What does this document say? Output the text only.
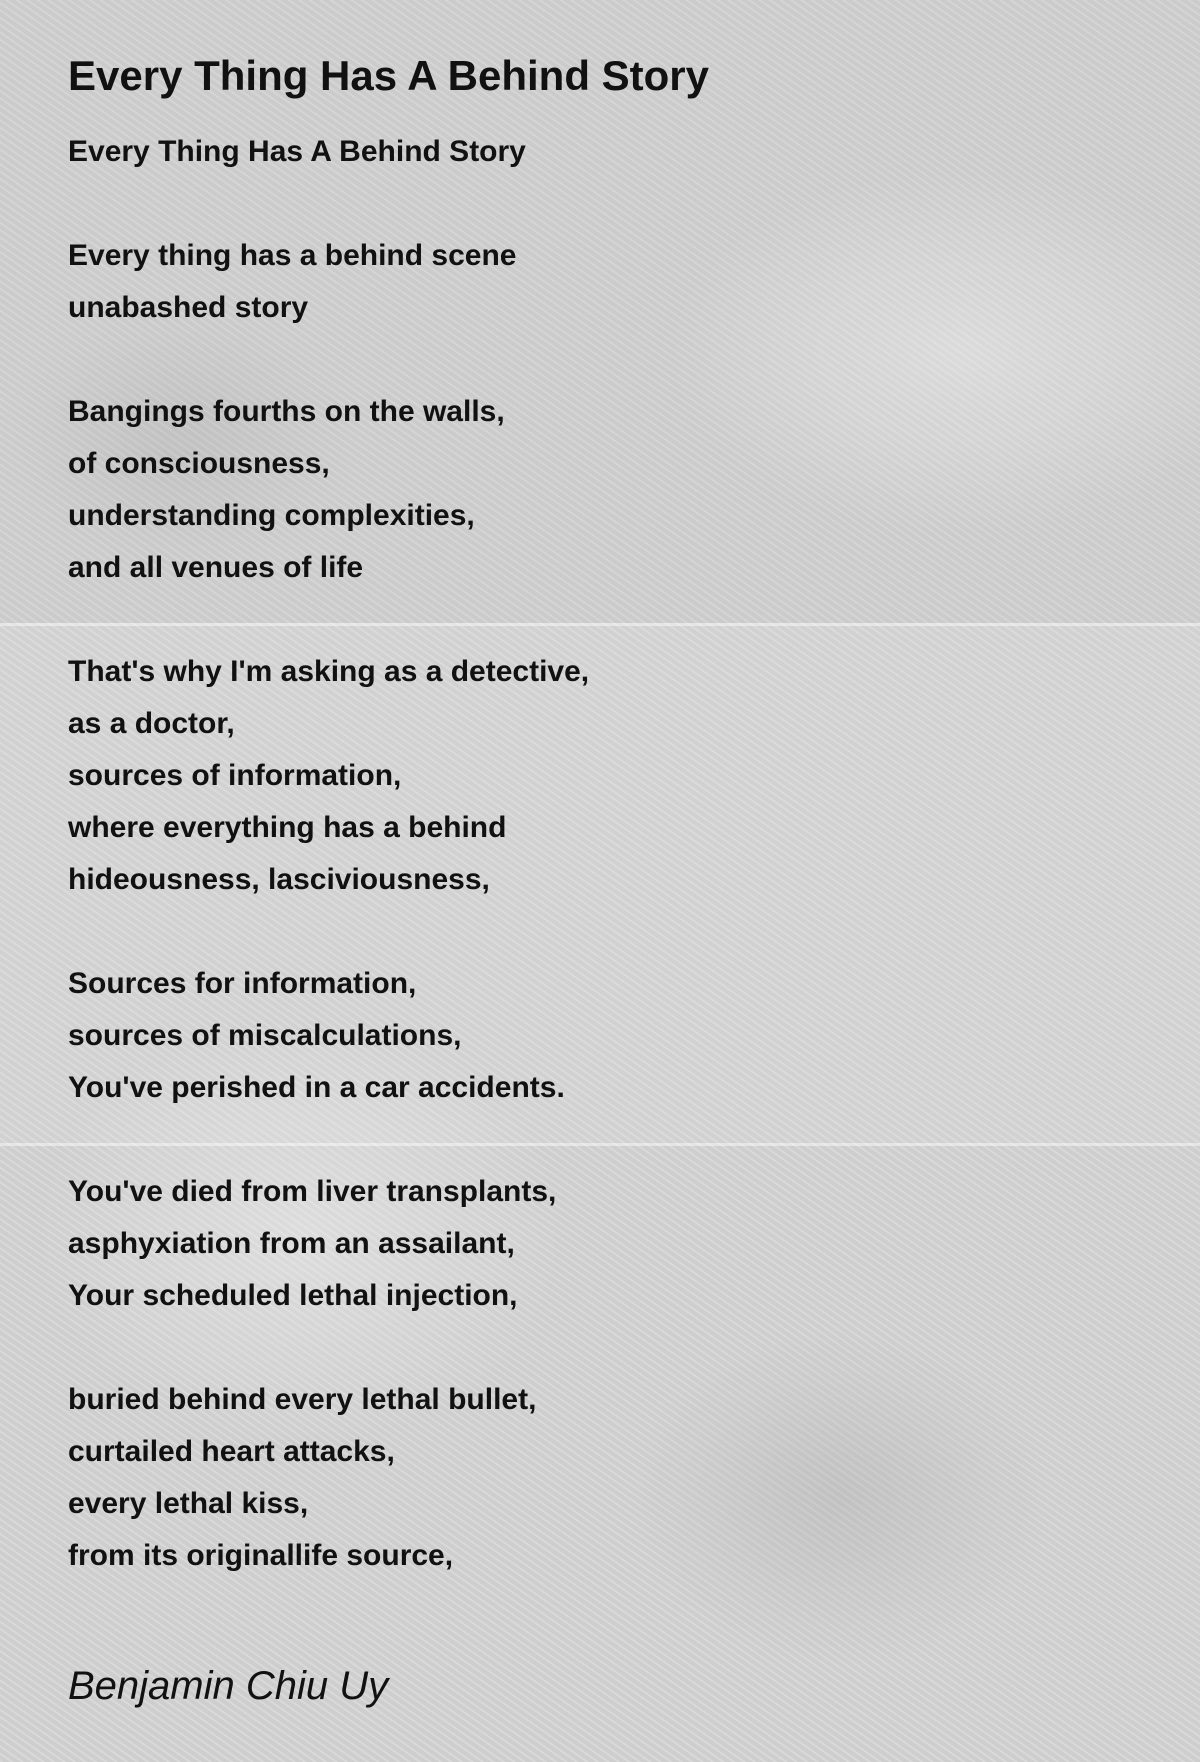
Every Thing Has A Behind Story
Every Thing Has A Behind Story
Every thing has a behind scene
unabashed story
Bangings fourths on the walls,
of consciousness,
understanding complexities,
and all venues of life
That's why I'm asking as a detective,
as a doctor,
sources of information,
where everything has a behind
hideousness, lasciviousness,
Sources for information,
sources of miscalculations,
You've perished in a car accidents.
You've died from liver transplants,
asphyxiation from an assailant,
Your scheduled lethal injection,
buried behind every lethal bullet,
curtailed heart attacks,
every lethal kiss,
from its originallife source,
Benjamin Chiu Uy
